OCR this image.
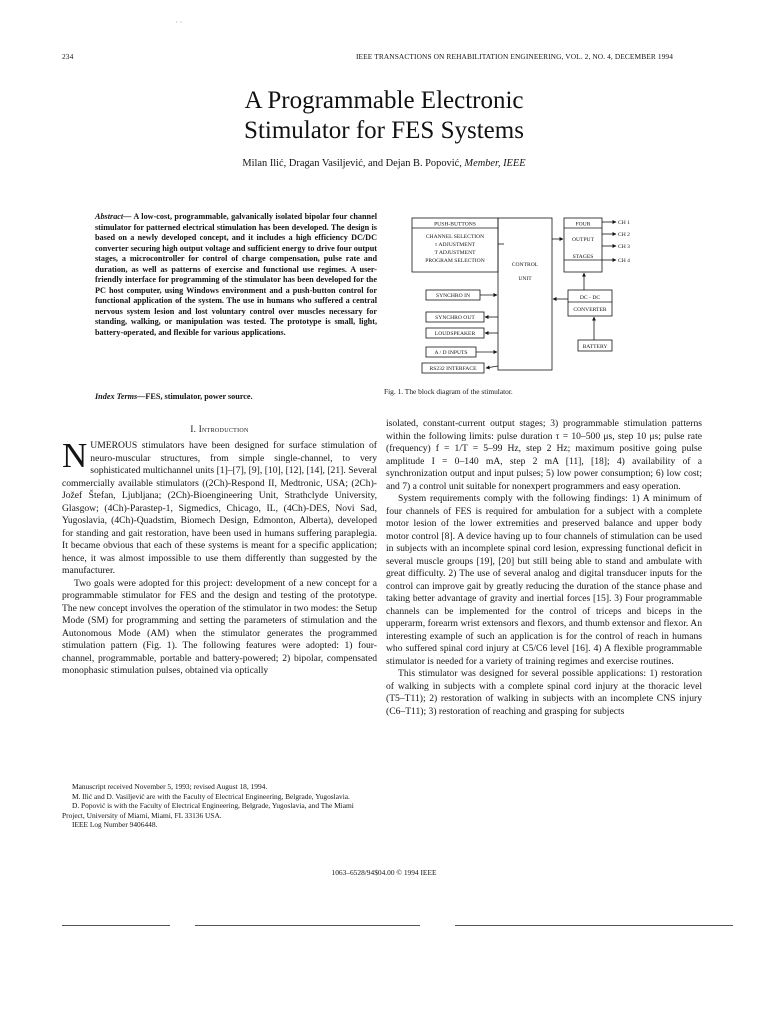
· ·
234	IEEE TRANSACTIONS ON REHABILITATION ENGINEERING, VOL. 2, NO. 4, DECEMBER 1994
A Programmable Electronic
Stimulator for FES Systems
Milan Ilić, Dragan Vasiljević, and Dejan B. Popović, Member, IEEE
Abstract— A low-cost, programmable, galvanically isolated bipolar four channel stimulator for patterned electrical stimulation has been developed. The design is based on a newly developed concept, and it includes a high efficiency DC/DC converter securing high output voltage and sufficient energy to drive four output stages, a microcontroller for control of charge compensation, pulse rate and duration, as well as patterns of exercise and functional use regimes. A user-friendly interface for programming of the stimulator has been developed for the PC host computer, using Windows environment and a push-button control for functional application of the system. The use in humans who suffered a central nervous system lesion and lost voluntary control over muscles necessary for standing, walking, or manipulation was tested. The prototype is small, light, battery-operated, and flexible for various applications.
Index Terms—FES, stimulator, power source.
I. Introduction

NUMEROUS stimulators have been designed for surface stimulation of neuro-muscular structures, from simple single-channel, to very sophisticated multichannel units [1]–[7], [9], [10], [12], [14], [21]. Several commercially available stimulators ((2Ch)-Respond II, Medtronic, USA; (2Ch)-Jožef Štefan, Ljubljana; (2Ch)-Bioengineering Unit, Strathclyde University, Glasgow; (4Ch)-Parastep-1, Sigmedics, Chicago, IL, (4Ch)-DES, Novi Sad, Yugoslavia, (4Ch)-Quadstim, Biomech Design, Edmonton, Alberta), developed for standing and gait restoration, have been used in humans suffering paraplegia. It became obvious that each of these systems is meant for a specific application; hence, it was almost impossible to use them differently than suggested by the manufacturer.

Two goals were adopted for this project: development of a new concept for a programmable stimulator for FES and the design and testing of the prototype. The new concept involves the operation of the stimulator in two modes: the Setup Mode (SM) for programming and setting the parameters of stimulation and the Autonomous Mode (AM) when the stimulator generates the programmed stimulation pattern (Fig. 1). The following features were adopted: 1) four-channel, programmable, portable and battery-powered; 2) bipolar, compensated monophasic stimulation pulses, obtained via optically

Manuscript received November 5, 1993; revised August 18, 1994.
M. Ilić and D. Vasiljević are with the Faculty of Electrical Engineering, Belgrade, Yugoslavia.
D. Popović is with the Faculty of Electrical Engineering, Belgrade, Yugoslavia, and The Miami Project, University of Miami, Miami, FL 33136 USA.
IEEE Log Number 9406448.
PUSH-BUTTONS
CHANNEL SELECTION
τ ADJUSTMENT
T ADJUSTMENT
PROGRAM SELECTION
CONTROL
UNIT
SYNCHRO IN
SYNCHRO OUT
LOUDSPEAKER
A / D INPUTS
RS232 INTERFACE
FOUR
OUTPUT
STAGES
CH 1
CH 2
CH 3
CH 4
DC - DC
CONVERTER
BATTERY
Fig. 1. The block diagram of the stimulator.

isolated, constant-current output stages; 3) programmable stimulation patterns within the following limits: pulse duration τ = 10–500 μs, step 10 μs; pulse rate (frequency) f = 1/T = 5–99 Hz, step 2 Hz; maximum positive going pulse amplitude I = 0–140 mA, step 2 mA [11], [18]; 4) availability of a synchronization output and input pulses; 5) low power consumption; 6) low cost; and 7) a control unit suitable for nonexpert programmers and easy operation.

System requirements comply with the following findings: 1) A minimum of four channels of FES is required for ambulation for a subject with a complete motor lesion of the lower extremities and preserved balance and upper body motor control [8]. A device having up to four channels of stimulation can be used in subjects with an incomplete spinal cord lesion, expressing functional deficit in several muscle groups [19], [20] but still being able to stand and ambulate with great difficulty. 2) The use of several analog and digital transducer inputs for the control can improve gait by greatly reducing the duration of the stance phase and taking better advantage of gravity and inertial forces [15]. 3) Four programmable channels can be implemented for the control of triceps and biceps in the upperarm, forearm wrist extensors and flexors, and thumb extensor and flexor. An interesting example of such an application is for the control of reach in humans who suffered spinal cord injury at C5/C6 level [16]. 4) A flexible programmable stimulator is needed for a variety of training regimes and exercise routines.

This stimulator was designed for several possible applications: 1) restoration of walking in subjects with a complete spinal cord injury at the thoracic level (T5–T11); 2) restoration of walking in subjects with an incomplete CNS injury (C6–T11); 3) restoration of reaching and grasping for subjects

1063–6528/94$04.00 © 1994 IEEE
